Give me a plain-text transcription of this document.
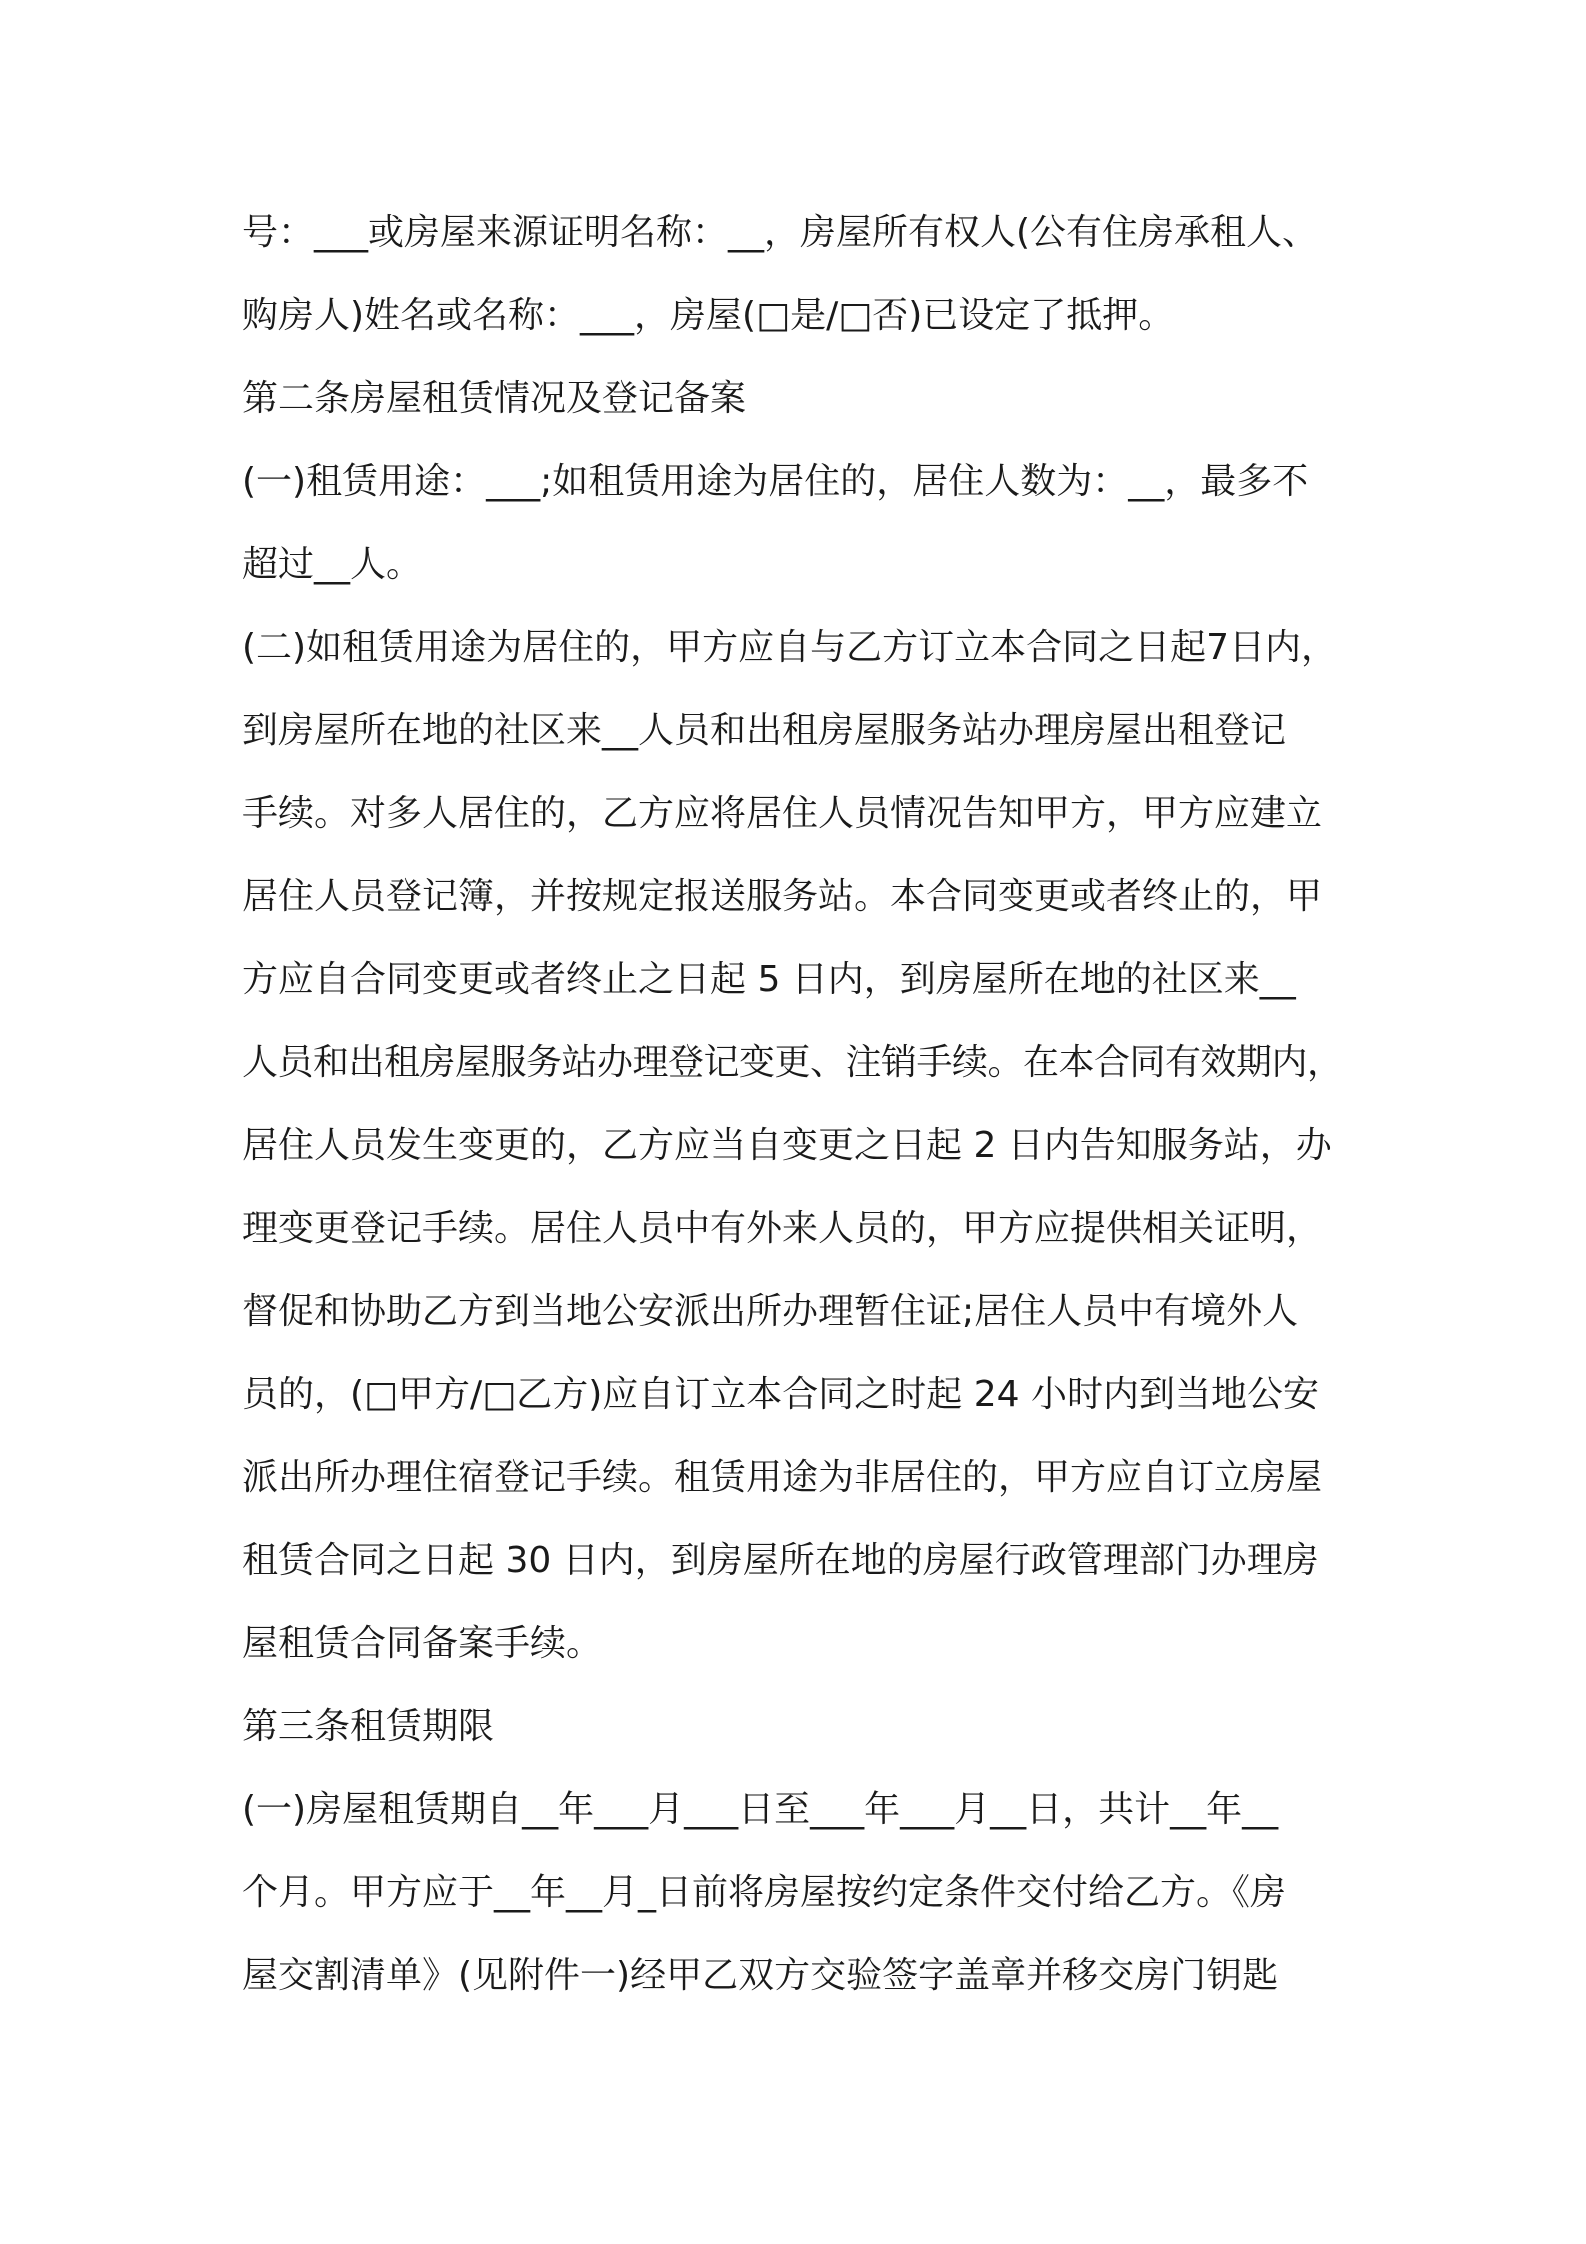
号：___或房屋来源证明名称：__，房屋所有权人(公有住房承租人、
购房人)姓名或名称：___，房屋(□是/□否)已设定了抵押。
第二条房屋租赁情况及登记备案
(一)租赁用途：___;如租赁用途为居住的，居住人数为：__，最多不
超过__人。
(二)如租赁用途为居住的，甲方应自与乙方订立本合同之日起7日内，
到房屋所在地的社区来__人员和出租房屋服务站办理房屋出租登记
手续。对多人居住的，乙方应将居住人员情况告知甲方，甲方应建立
居住人员登记簿，并按规定报送服务站。本合同变更或者终止的，甲
方应自合同变更或者终止之日起 5 日内，到房屋所在地的社区来__
人员和出租房屋服务站办理登记变更、注销手续。在本合同有效期内，
居住人员发生变更的，乙方应当自变更之日起 2 日内告知服务站，办
理变更登记手续。居住人员中有外来人员的，甲方应提供相关证明，
督促和协助乙方到当地公安派出所办理暂住证;居住人员中有境外人
员的，(□甲方/□乙方)应自订立本合同之时起 24 小时内到当地公安
派出所办理住宿登记手续。租赁用途为非居住的，甲方应自订立房屋
租赁合同之日起 30 日内，到房屋所在地的房屋行政管理部门办理房
屋租赁合同备案手续。
第三条租赁期限
(一)房屋租赁期自__年___月___日至___年___月__日，共计__年__
个月。甲方应于__年__月_日前将房屋按约定条件交付给乙方。《房
屋交割清单》(见附件一)经甲乙双方交验签字盖章并移交房门钥匙
